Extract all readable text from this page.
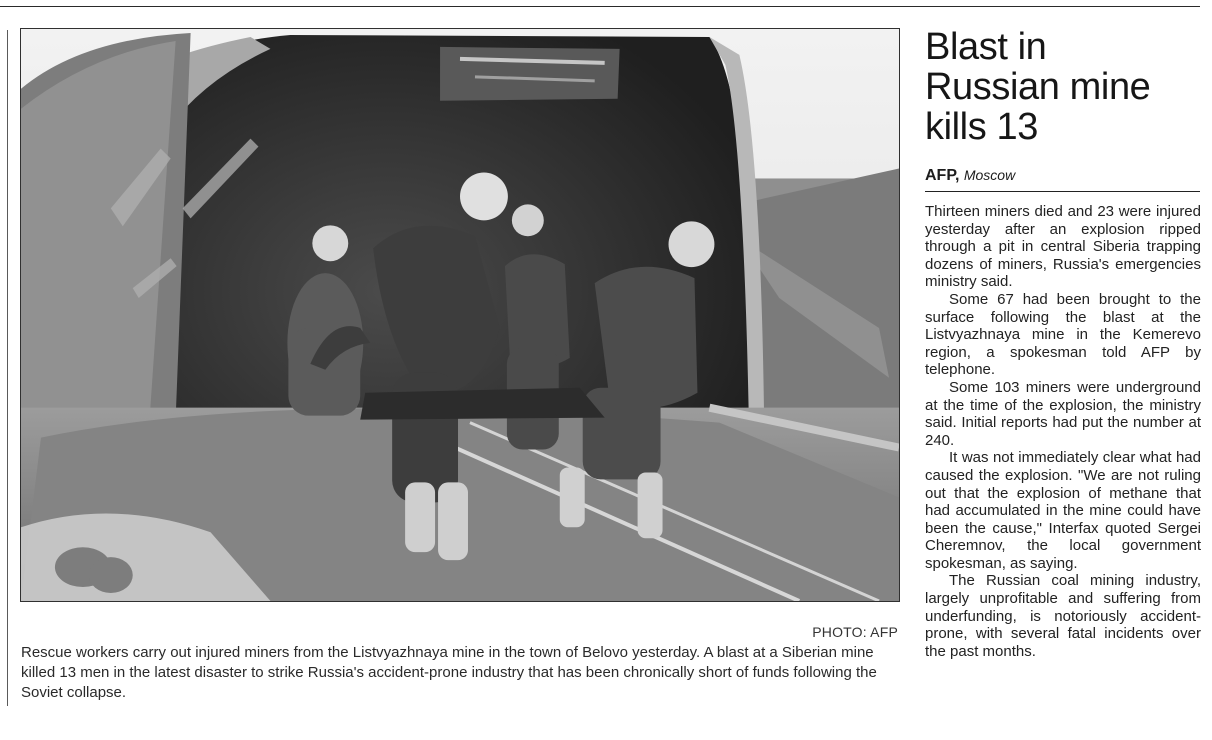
PHOTO: AFP
Rescue workers carry out injured miners from the Listvyazhnaya mine in the town of Belovo yesterday. A blast at a Siberian mine killed 13 men in the latest disaster to strike Russia's accident-prone industry that has been chronically short of funds following the Soviet collapse.
Blast in Russian mine kills 13
AFP, Moscow

Thirteen miners died and 23 were injured yesterday after an explosion ripped through a pit in central Siberia trapping dozens of miners, Russia's emergencies ministry said.

Some 67 had been brought to the surface following the blast at the Listvyazhnaya mine in the Kemerevo region, a spokesman told AFP by telephone.

Some 103 miners were underground at the time of the explosion, the ministry said. Initial reports had put the number at 240.

It was not immediately clear what had caused the explosion. "We are not ruling out that the explosion of methane that had accumulated in the mine could have been the cause," Interfax quoted Sergei Cheremnov, the local government spokesman, as saying.

The Russian coal mining industry, largely unprofitable and suffering from underfunding, is notoriously accident-prone, with several fatal incidents over the past months.
